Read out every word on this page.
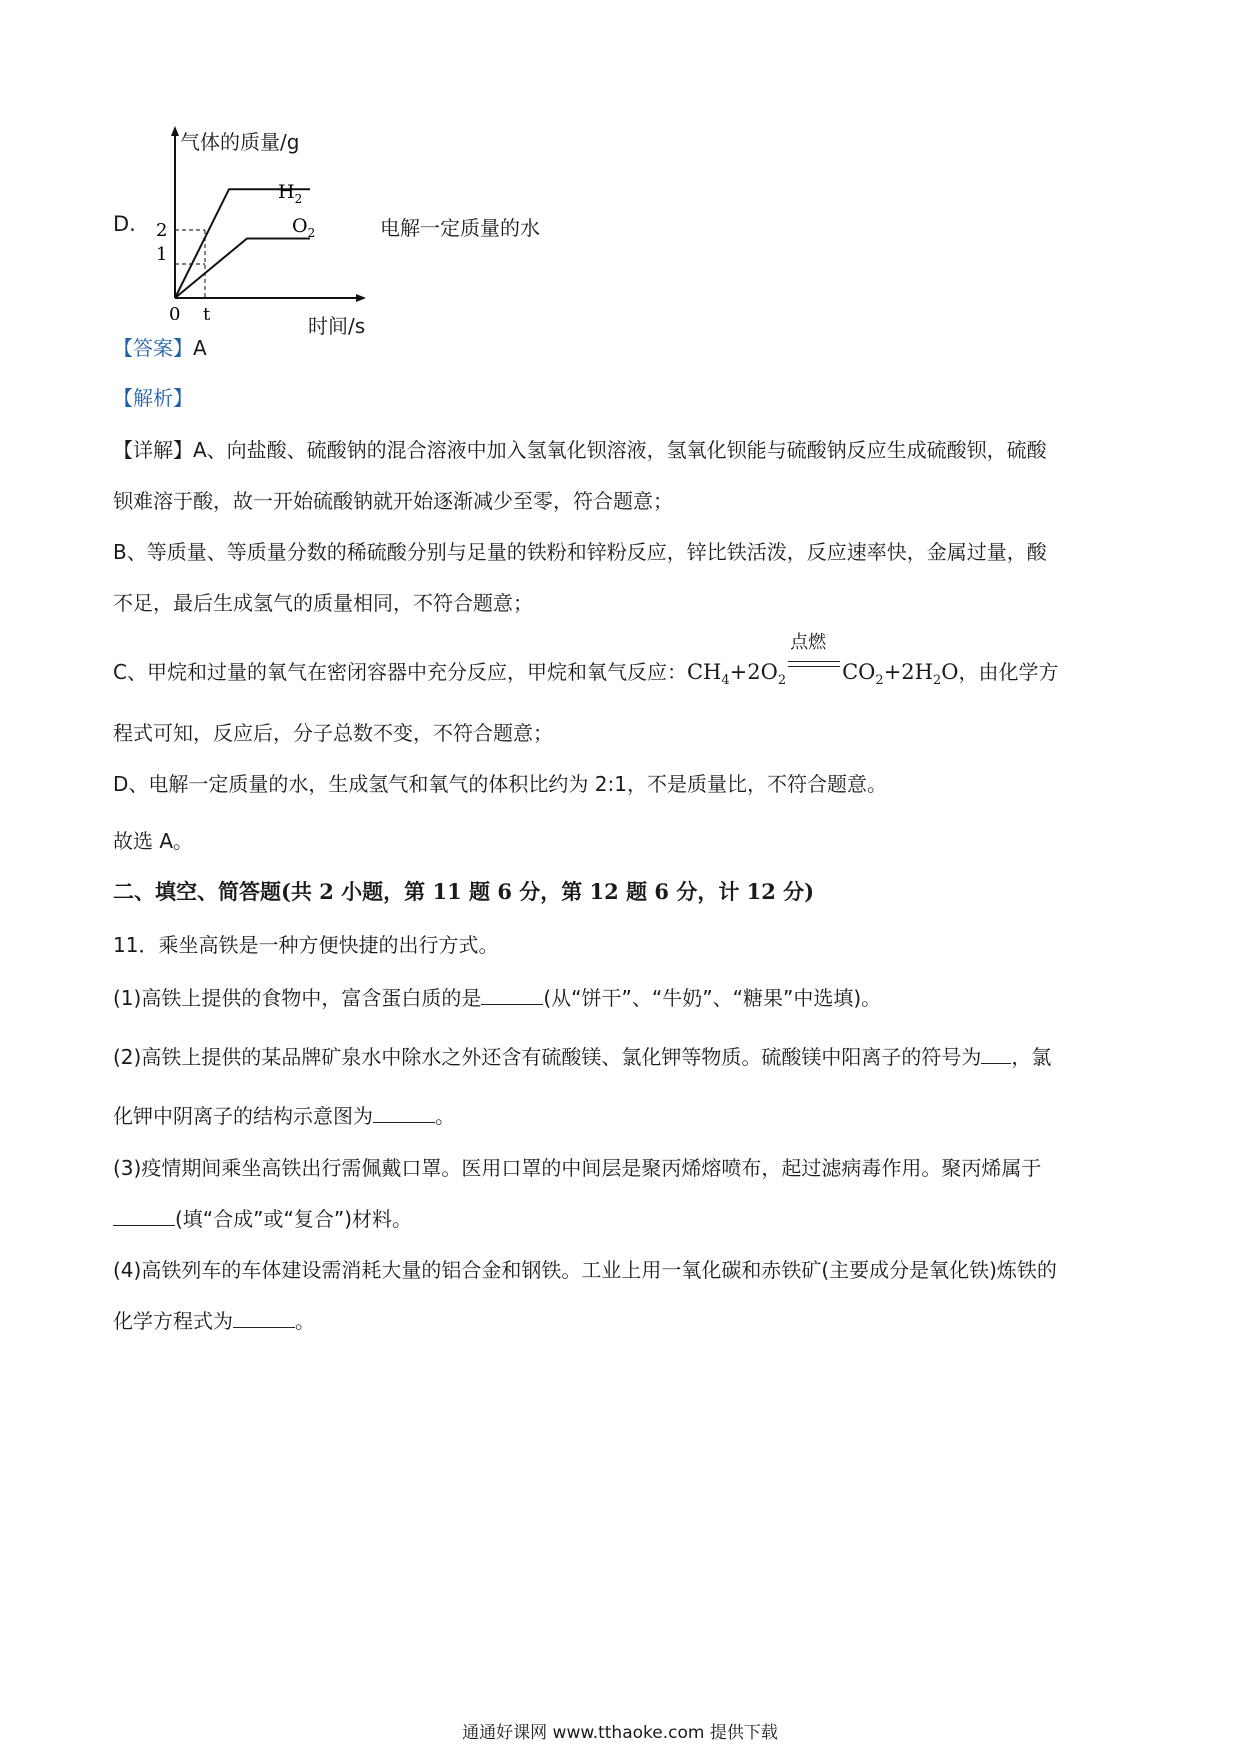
D.
气体的质量/g
时间/s
电解一定质量的水
0 t
2
1
$H_2$
$O_2$
【答案】A
【解析】
【详解】A、向盐酸、硫酸钠的混合溶液中加入氢氧化钡溶液，氢氧化钡能与硫酸钠反应生成硫酸钡，硫酸
钡难溶于酸，故一开始硫酸钠就开始逐渐减少至零，符合题意；
B、等质量、等质量分数的稀硫酸分别与足量的铁粉和锌粉反应，锌比铁活泼，反应速率快，金属过量，酸
不足，最后生成氢气的质量相同，不符合题意；
C、甲烷和过量的氧气在密闭容器中充分反应，甲烷和氧气反应：$CH_4+2O_2$
点燃
$CO_2+2H_2O$，由化学方
程式可知，反应后，分子总数不变，不符合题意；
D、电解一定质量的水，生成氢气和氧气的体积比约为 2:1，不是质量比，不符合题意。
故选 A。
二、填空、简答题(共 2 小题，第 11 题 6 分，第 12 题 6 分，计 12 分)
11．乘坐高铁是一种方便快捷的出行方式。
(1)高铁上提供的食物中，富含蛋白质的是	(从“饼干”、“牛奶”、“糖果”中选填)。
(2)高铁上提供的某品牌矿泉水中除水之外还含有硫酸镁、氯化钾等物质。硫酸镁中阳离子的符号为 ，氯
化钾中阴离子的结构示意图为	。
(3)疫情期间乘坐高铁出行需佩戴口罩。医用口罩的中间层是聚丙烯熔喷布，起过滤病毒作用。聚丙烯属于
(填“合成”或“复合”)材料。
(4)高铁列车的车体建设需消耗大量的铝合金和钢铁。工业上用一氧化碳和赤铁矿(主要成分是氧化铁)炼铁的
化学方程式为	。
通通好课网 www.tthaoke.com 提供下载
